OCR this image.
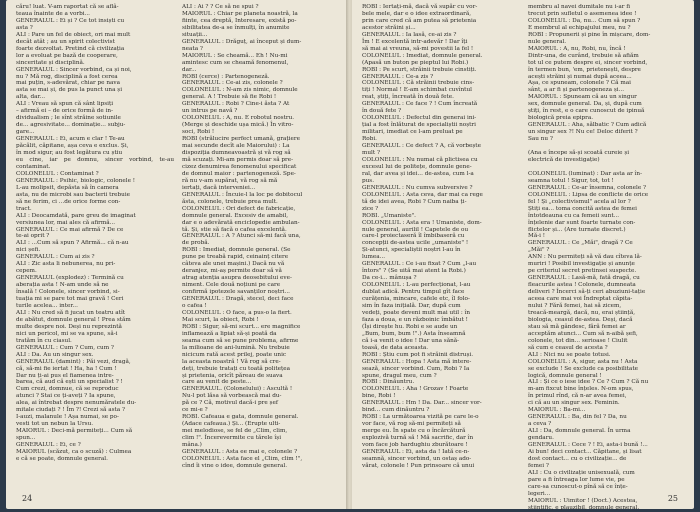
căru! luat. V-am raportat că se aflâ-
teaua înainte de a vorbi...
GENERALUL : Ei și ? Ce tot insiști cu
asta ?
ALI : Pare un fel de obiect, ori mai mult
decât atât ; au un spirit colectivist
foarte dezvoltat. Pretind că civilizația
lor a evoluat pe bază de cooperare,
sinceritate și disciplină.
GENERALUL : Sincer vorbind, ca și noi,
nu ? Mă rog, disciplină a fost cerea
mai puțin, s-adevărat, chiar pe nava
asta se mai și, de pus la punct una și
alta, dar...
ALI : Vreau să spun că sânt lipsiți
– afirmă ei – de orice formă de in-
dividualism ; le sînt străine sotiunile
de... agresivitate... dominație... subju-
gare...
GENERALUL : Ei, acum e clar ! Te-au
păcălit, căpitane, așa ceva e exclus. Și,
în mod sigur, au fost legătura cu știu
eu cine, iar pe domnu, sincer vorbind, te-au contaminat.
COLONELUL : Contaminat ?
GENERALUL : Psihic, biologic, colonele !
L-au molipsit, depăsta să în camera
asta, nu de microbi sau bacterii trebuie
să ne ferim, ci ...de orice forme con-
tract.
ALI : Deocamdată, pare greu de imaginat
versiunea lor, mai ales că afirmă...
GENERALUL : Ce mai afirmă ? De ce
te-ai oprit ?
ALI : ...Cum să spun ? Afirmă... că n-au
nici șefi.
GENERALUL : Cum ai zis ?
ALI : Zic asta li nebunerea, nu pri-
cepem.
GENERALUL (explodez) : Termină cu
aberația asta ! N-am unde să ne
însală ! Colonele, sincer vorbind, si-
tuația mi se pare tot mai gravă ! Ceri
turile acelea... inter...
ALI : Nu cred să fi jucat un teatru atît
de abătut, domnule general ! Prea stăm
multe despre noi. Deși nu reprezintă
nici un pericol, mi se va spune, să-i
tratăm în cu ciasul.
GENERALUL : Cum ? Cum, cum ?
ALI : Da. Au un singur sex.
GENERALUL (damint) : Păi vezi, dragă,
că, să-mi fie iertat ! Ha, ha ! Cum !
Dar nu ți-ai pus el fiamenea intre-
barea, că aud că ești un specialist ? !
Cum crezi, domnue, că se reproduc
atunci ? Stai ce ți-aveți ? Ia spune,
alea, ai întrebat despre nenumăratele du-
mitale ciudați ? ! Îm ?! Crezi să asta ?
I-auzi, malanule ! Așa numai, se po-
vesti tot un nebun la Ursu.
MAIORUL : Deci-mă permiteți... Cum să
spun...
GENERALUL : Ei, ce ?
MAIORUL (scăzut, ca o scuză) : Culmea
e că se poate, domnule general.

ALI : Ai ? ? Ce să ne spui ?
MAIORUL : Chiar pe planeta noastră, la
fiinte, cea dreptă, Interesare, există po-
sibilitatea de-a se înmulți, în anumite
situații...
GENERALUL : Drăguț, ai început și dum-
neata ?
MAIORUL : Se cheamă... Eh ! Nu-mi
amintesc cum se cheamă fenomenul,
dar...
ROBI (cerce) : Partenogeneză.
GENERALUL : Ce-ai zis, colonele ?
COLONELUL : N-am zis nimic, domnule
general. A ! Trebuie să fie Robi !
GENERALUL : Robi ? Cine-i ăsta ? At
un intrus pe navă ?
COLONELUL : A, nu. E robotul nostru.
(Merge și deschide ușa mică.) În vitro-
soci, Robi !
ROBI (strălucire perfect umană, grațiere
mai secunde decît ale Maiorului) : La
dispoziția dumneavoastră și vă rog să
mă scuzați. Mi-am permis doar să pre-
cizez denumirea fenomenului specificat
de domnul maior : partenogeneză. Spe-
ră nu v-am supărat, vă rog să mă
iertați, dacă interveniei...
GENERALUL : Încuie-l la loc pe dobitocul
ăsta, colonele, trebuie prea mult.
COLONELUL : Ori defect de fabricație,
domnule general. Excesiv de amabil,
dar e o adevărată enciclopedie ambulan-
tă. Și, stie să facă o cafea excelentă.
GENERALUL : A ? Atunci să-mi facă una,
de probă.
ROBI : Imediat, domnule general. (Se
pune pe treabă rapid, ceinainț citere
câteva ale unei mașini.) Dacă nu vă
deranjez, mi-aș permite doar să vă
atrag atenția asupra deosebitului eve-
niment. Cele două noțiuni pe care
confirmă ipotezele savanților noștri...
GENERALUL : Dragă, stecel, deci face
o cafea !
COLONELUL : O face, a pus-o la fiert.
Mai scurt, la obiect, Robi !
ROBI : Sigur, să-mi scurt... ere magnifice
inflamează a lipiat să-și poată da
seama cum să se pune problema, afirme
la milioane de ani-lumină. Nu trebuie
nicicum rată acest prilej, poate unic
la aceasta noastră ! Vă rog să cre-
deți, trebuie tratați cu toată politețea
și prietenia, oricît păreau de suava
care au venit de peste...
GENERALUL. (Colonelului) : Ascultă !
Nu-l pot lăsa să vorbească mai du-
pă ce ? Că, motivul dacă-i pre șef
ce mi-e ?
ROBI. Cafeaua e gata, domnule general.
(Adace cafeaua.) Și... (Erupte ulti-
mei melodiose, se fel de „Clim, clim,
clim !". Încerevermite cu tărele își
mâna.)
GENERALUL : Asta ee mai e, colonele ?
COLONELUL : Asta face el „Clim, clim !",
cînd îi vine o idee, domnule general.

24

ROBI : Iertați-mă, dacă vă supăr cu vor-
bele mele, dar e o idee extraordinară,
prin care cred că am putea să prietenia
acestor străini și...
GENERALUL : Ia lasă, ce-ai zis ?
Îm ! E excelentă intr-adevăr ! Dar îți
să mai ai vreuna, să-mi povestii la fel !
COLONELUL : Imediat, domnule general.
(Apasă un buton pe pieptul lui Robi.)
ROBI : Pe scurt, străinii trebuie cinstiți.
GENERALUL : Ce-a zis ?
COLONELUL : Că străinii trebuie cins-
tiți ! Normal ! E-am schimbat cuvîntul
reat, știți, încreată în două fete.
GENERALUL : Ce face ? ! Cum încreată
în două fete ?
COLONELUL : Defectul din generai ini-
țial a fost înlăturat de specialiștii noștri
militari, imediat ce l-am preluat pe
Robi.
GENERALUL : Ce defect ? A, că vorbește
mult ?
COLONELUL : Nu numai că plictisea cu
excesul lui de politețe, domnule gene-
ral, dar avea și idei... de-astea, cum l-a
pus.
GENERALUL : Nu cumva subversive ?
COLONELUL : Asta ceva, dar mai ca rege
tă de idei avea, Robi ? Cum naiba ți-
zice ?
ROBI. „Umaniste".
COLONELUL : Asta era ! Umaniste, dom-
nule general, aurilil ! Capetele de ou
care-l proiectaseră îl îmbibaseră cu
concepții de-astea ucile „umaniste" !
Și-atunci, specialiștii noștri l-au în
lumea...
GENERALUL : Ce i-au fixat ? Cum „l-au
întors" ? (Se uită mai atent la Robi.)
Da ce-i... mânușa ?
COLONELUL : L-au perfecționat, l-au
dublat adică. Pentru timpul gît face
curățenia, mincare, cafele etc, îl folo-
sim în faza inițială. Dar, după cum
vedeți, poate deveni mult mai util : în
faza a doua, e un războinic îmbătut !
(Își direște hu. Robi e se aude un
„Bum, bum, bum !".) Asta înseamnă
că i-a venit o idee ! Dar una sănă-
toasă, de data aceasta.
ROBI : Știu cum pot fi străinii distruși.
GENERALUL : Hopa ! Asta mă intere-
sează, sincer vorbind. Cum, Robi ? Ia
spune, dragul meu, cum ?
ROBI : Dinăuntru.
COLONELUL : Aha ! Grozav ! Foarte
bine, Robi !
GENERALUL : Hm ! Da. Dar... sincer vor-
bind... cum dinăuntru ?
ROBI : La următoarea vizită pe care le-o
vor face, vă rog să-mi permiteți să
merge eu. În spate cu o încărcătură
explozivă turnă să ! Mă sacrific, dar în
vom face job hardughiu zburătoare !
GENERALUL : Ei, asta da ! Iată ce-n-
seamnă, sincer vorbind, un ostaș ado-
vărat, colonele ! Pun prinsoare că unui

membru al navei dumitale nu i-ar fi
trecut prin sufletul o asemenea idee !
COLONELUL : Da, nu... Cum să spun ?
E membrul al echipajului meu, nu ?
ROBI : Propunerii și pine în mișcare, dom-
nule general.
MAIORUL : A, nu, Robi, nu, încă !
Dintr-una, de curând, trebuie să afiăm
tot ul ce putem despre ei, sincer vorbind,
în termen bun, 'em, prietenești, despre
acești străini și numai după aceea...
Așa, ce spuneam, colonele ? Că mai
sânt, a ar fi și partenogeneza și...
MAIORUL : Spuneam că au un singur
sex, domnule general. Da, și, după cum
știți, în rest, e o care cunoscut de ipinuă
biologică preia epipra.
GENERALUL : Aha, sălbatic ? Cum adică
un singur sex ?! Nu ce! Deloc diferit ?
Sau nu ?

(Ana e începe să-și scoată cureie și
electrică de investigație)

COLONELUL (luminat) : Dar asta ar în-
seamna totul ! Sigur, tot, tot !
GENERALUL : Ce-ar însemna, colonele ?
COLONELUL : Lipsa de conflicte de orice
fel ! Și „colectivismul" acela al lor ?
Știți ea... toma concită astea de femei
întotdeauna cu ca femeii sunt...
înțelenie dar sunt foarte turnate con-
flictelor și... (Are turnate discret.)
Mă-i !
GENERALUL : Ce „Măi", dragă ? Ce
„Măi" ?
ANN : Nu permiteți să vă dau cîteva lă-
muriri ! Posibil investigație și anunțe
pe criteriul secret pretinsei suspecte.
GENERALUL : Lasă-mă, fată dragă, cu
fleacurile astea ! Colonele, dumneata
deliveri ? Încerci să-ți ceri abuziuni-tație
aceea care mai voi Îndreptat căpita-
nului ? Fără femei, hai să zicem,
treacă-meargă, dacă, nu, erai știință,
biologia, ceasul de-astea. Deși, dacă
stau să mă gândesc, fără femei ar
acceptăm atunci... Cum să n-aibă șefi,
colonele, tot din... serioase ! Ciulit
să cum e ceasul de acesta ?
ALI : Nici nu se poate totusi.
COLONELUL : A, sigur, asta nu ! Asta
se exclude ! Se exclude ca posibilitate
logică, domnule general !
ALI : Și ce o iese idee ? Ce ? Cum ? Că nu
m-am fixcut bine înțeles. N-om spus,
în primul rînd, că n-ar avea femei,
ci că au un singur sex. Feminin.
MAIORUL : Ba-mi...
GENERALUL : Ba, din fel ? Da, nu
a ceva ?
ALI : Da, domnule general. În urma
gendaru.
GENERALUL : Cece ? ! Ei, asta-i bună !...
Ai bun! deci contact... Căpitane, și lisat
dost contact... cu o civilizație... de
femei ?
ALI : Cu o civilizație unisexuală, cum
pare a fi întreaga lor lume vie, pe
care-sa cunoscut-o pînă să ce înțe-
legeri...
MAIORUL : Uimitor ! (Doct.) Acestea,
științific, e plauzibil, domnule general.

25
